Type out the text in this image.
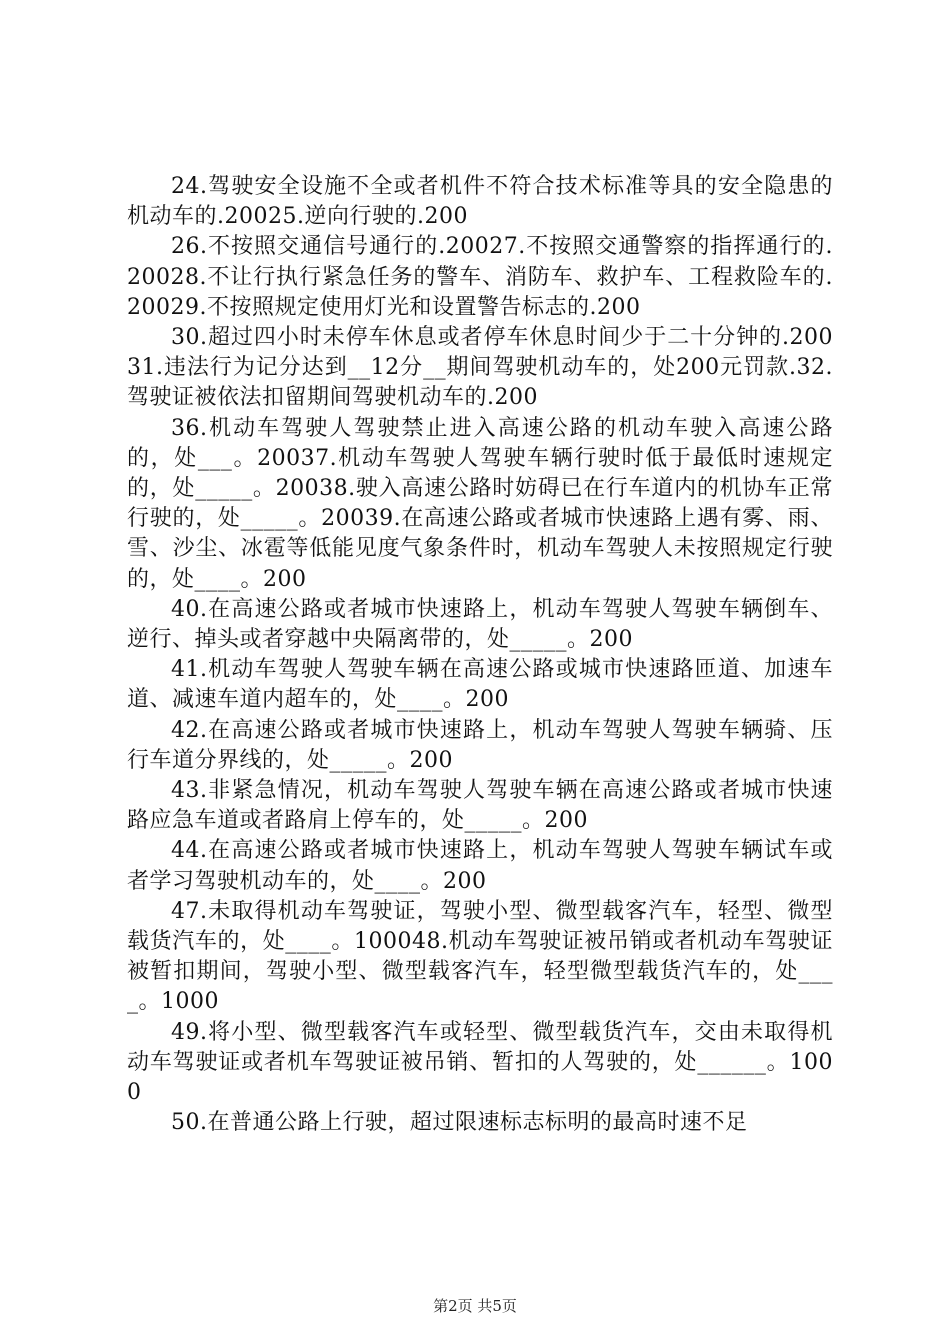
24.驾驶安全设施不全或者机件不符合技术标准等具的安全隐患的机动车的.20025.逆向行驶的.200

26.不按照交通信号通行的.20027.不按照交通警察的指挥通行的.20028.不让行执行紧急任务的警车、消防车、救护车、工程救险车的.20029.不按照规定使用灯光和设置警告标志的.200

30.超过四小时未停车休息或者停车休息时间少于二十分钟的.20031.违法行为记分达到__12分__期间驾驶机动车的，处200元罚款.32.驾驶证被依法扣留期间驾驶机动车的.200

36.机动车驾驶人驾驶禁止进入高速公路的机动车驶入高速公路的，处___。20037.机动车驾驶人驾驶车辆行驶时低于最低时速规定的，处_____。20038.驶入高速公路时妨碍已在行车道内的机协车正常行驶的，处_____。20039.在高速公路或者城市快速路上遇有雾、雨、雪、沙尘、冰雹等低能见度气象条件时，机动车驾驶人未按照规定行驶的，处____。200

40.在高速公路或者城市快速路上，机动车驾驶人驾驶车辆倒车、逆行、掉头或者穿越中央隔离带的，处_____。200

41.机动车驾驶人驾驶车辆在高速公路或城市快速路匝道、加速车道、减速车道内超车的，处____。200

42.在高速公路或者城市快速路上，机动车驾驶人驾驶车辆骑、压行车道分界线的，处_____。200

43.非紧急情况，机动车驾驶人驾驶车辆在高速公路或者城市快速路应急车道或者路肩上停车的，处_____。200

44.在高速公路或者城市快速路上，机动车驾驶人驾驶车辆试车或者学习驾驶机动车的，处____。200

47.未取得机动车驾驶证，驾驶小型、微型载客汽车，轻型、微型载货汽车的，处____。100048.机动车驾驶证被吊销或者机动车驾驶证被暂扣期间，驾驶小型、微型载客汽车，轻型微型载货汽车的，处____。1000

49.将小型、微型载客汽车或轻型、微型载货汽车，交由未取得机动车驾驶证或者机车驾驶证被吊销、暂扣的人驾驶的，处______。1000

50.在普通公路上行驶，超过限速标志标明的最高时速不足

第2页 共5页
